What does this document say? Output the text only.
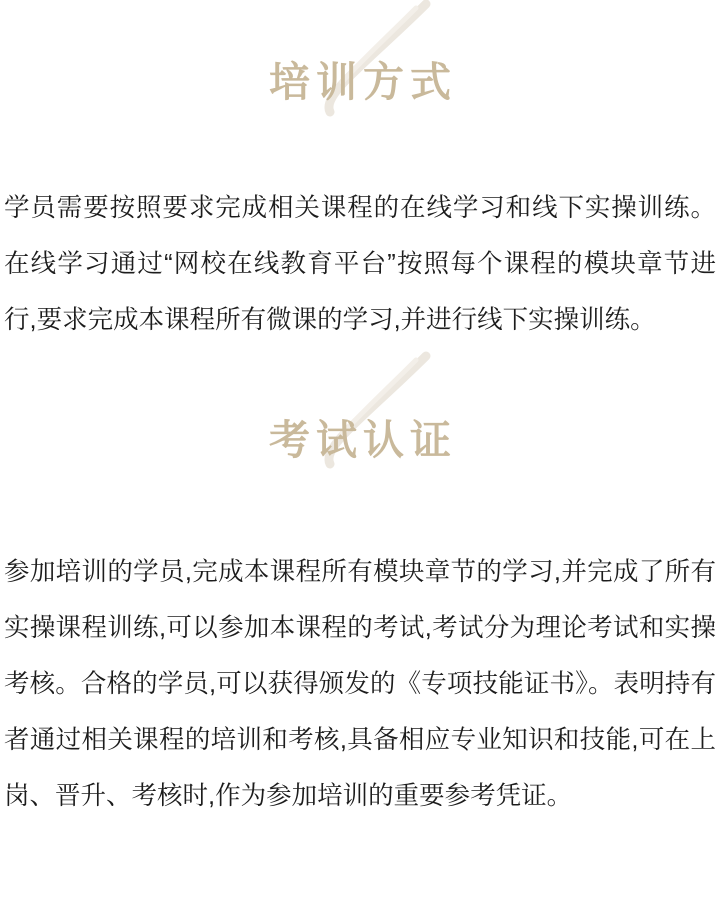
培训方式

学员需要按照要求完成相关课程的在线学习和线下实操训练。在线学习通过“网校在线教育平台”按照每个课程的模块章节进行,要求完成本课程所有微课的学习,并进行线下实操训练。

考试认证

参加培训的学员,完成本课程所有模块章节的学习,并完成了所有实操课程训练,可以参加本课程的考试,考试分为理论考试和实操考核。合格的学员,可以获得颁发的《专项技能证书》。表明持有者通过相关课程的培训和考核,具备相应专业知识和技能,可在上岗、晋升、考核时,作为参加培训的重要参考凭证。
